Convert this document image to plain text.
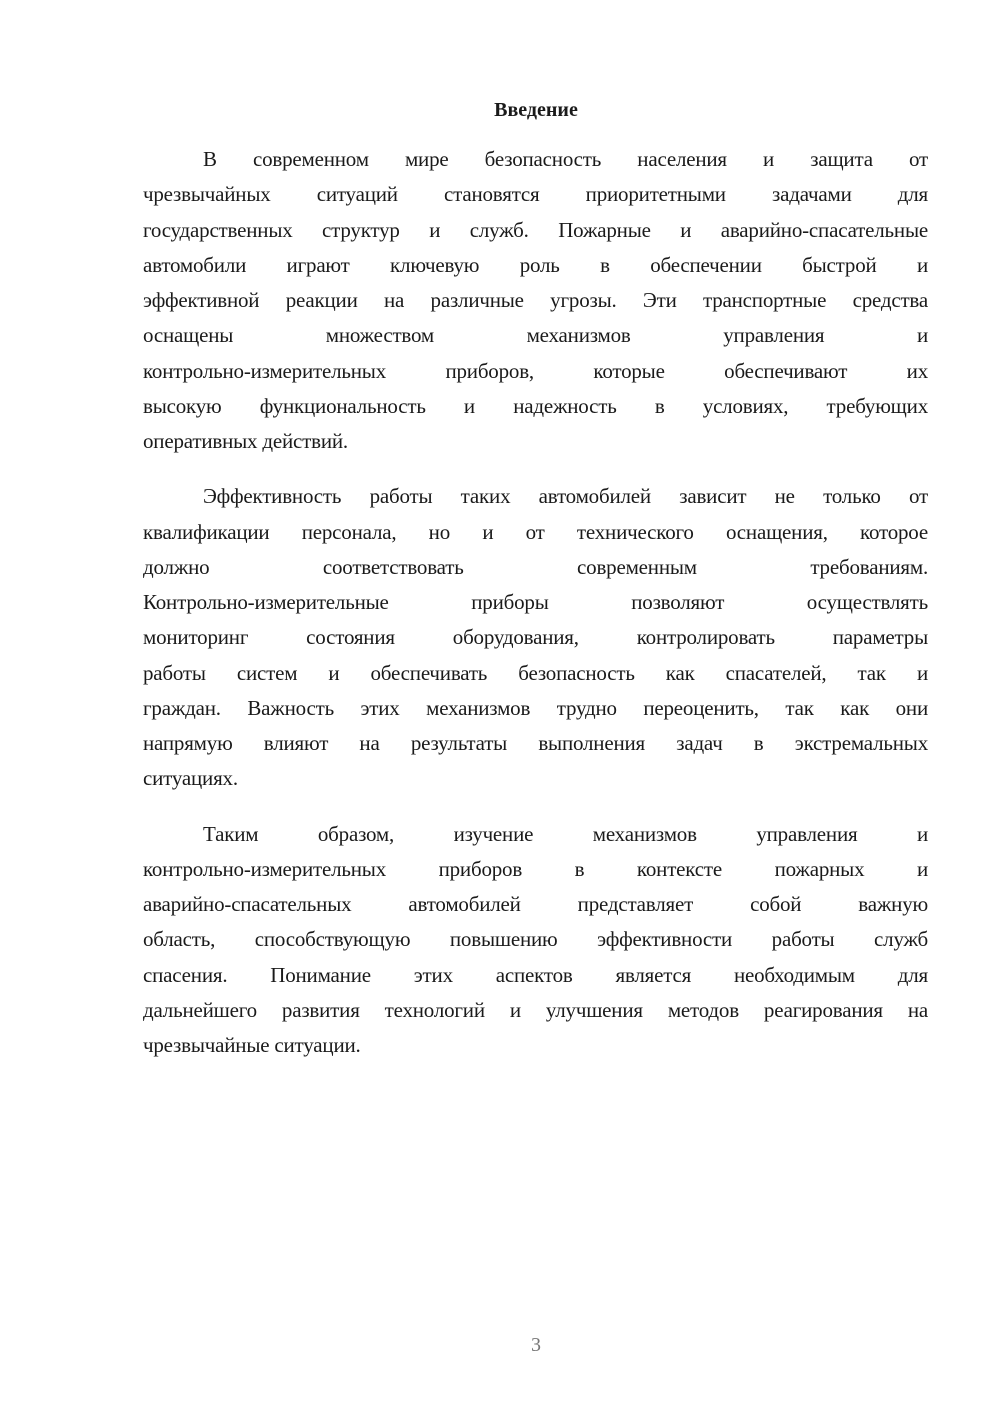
Введение
В современном мире безопасность населения и защита от
чрезвычайных ситуаций становятся приоритетными задачами для
государственных структур и служб. Пожарные и аварийно-спасательные
автомобили играют ключевую роль в обеспечении быстрой и
эффективной реакции на различные угрозы. Эти транспортные средства
оснащены множеством механизмов управления и
контрольно-измерительных приборов, которые обеспечивают их
высокую функциональность и надежность в условиях, требующих
оперативных действий.
Эффективность работы таких автомобилей зависит не только от
квалификации персонала, но и от технического оснащения, которое
должно соответствовать современным требованиям.
Контрольно-измерительные приборы позволяют осуществлять
мониторинг состояния оборудования, контролировать параметры
работы систем и обеспечивать безопасность как спасателей, так и
граждан. Важность этих механизмов трудно переоценить, так как они
напрямую влияют на результаты выполнения задач в экстремальных
ситуациях.
Таким образом, изучение механизмов управления и
контрольно-измерительных приборов в контексте пожарных и
аварийно-спасательных автомобилей представляет собой важную
область, способствующую повышению эффективности работы служб
спасения. Понимание этих аспектов является необходимым для
дальнейшего развития технологий и улучшения методов реагирования на
чрезвычайные ситуации.
3
